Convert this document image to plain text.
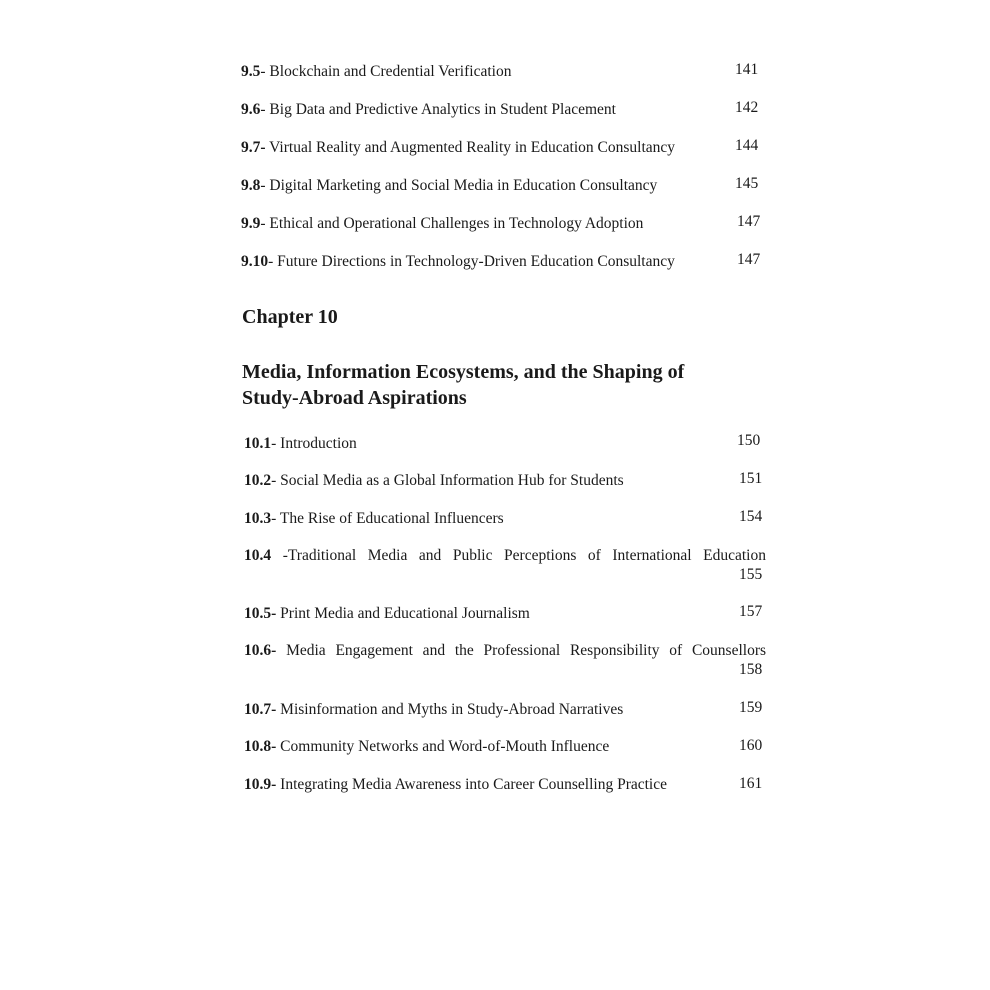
9.5- Blockchain and Credential Verification	141
9.6- Big Data and Predictive Analytics in Student Placement	142
9.7- Virtual Reality and Augmented Reality in Education Consultancy	144
9.8- Digital Marketing and Social Media in Education Consultancy	145
9.9- Ethical and Operational Challenges in Technology Adoption	147
9.10- Future Directions in Technology-Driven Education Consultancy	147
Chapter 10
Media, Information Ecosystems, and the Shaping of
Study-Abroad Aspirations
10.1- Introduction	150
10.2- Social Media as a Global Information Hub for Students	151
10.3- The Rise of Educational Influencers	154
10.4 -Traditional Media and Public Perceptions of International Education
155
10.5- Print Media and Educational Journalism	157
10.6- Media Engagement and the Professional Responsibility of Counsellors
158
10.7- Misinformation and Myths in Study-Abroad Narratives	159
10.8- Community Networks and Word-of-Mouth Influence	160
10.9- Integrating Media Awareness into Career Counselling Practice	161
